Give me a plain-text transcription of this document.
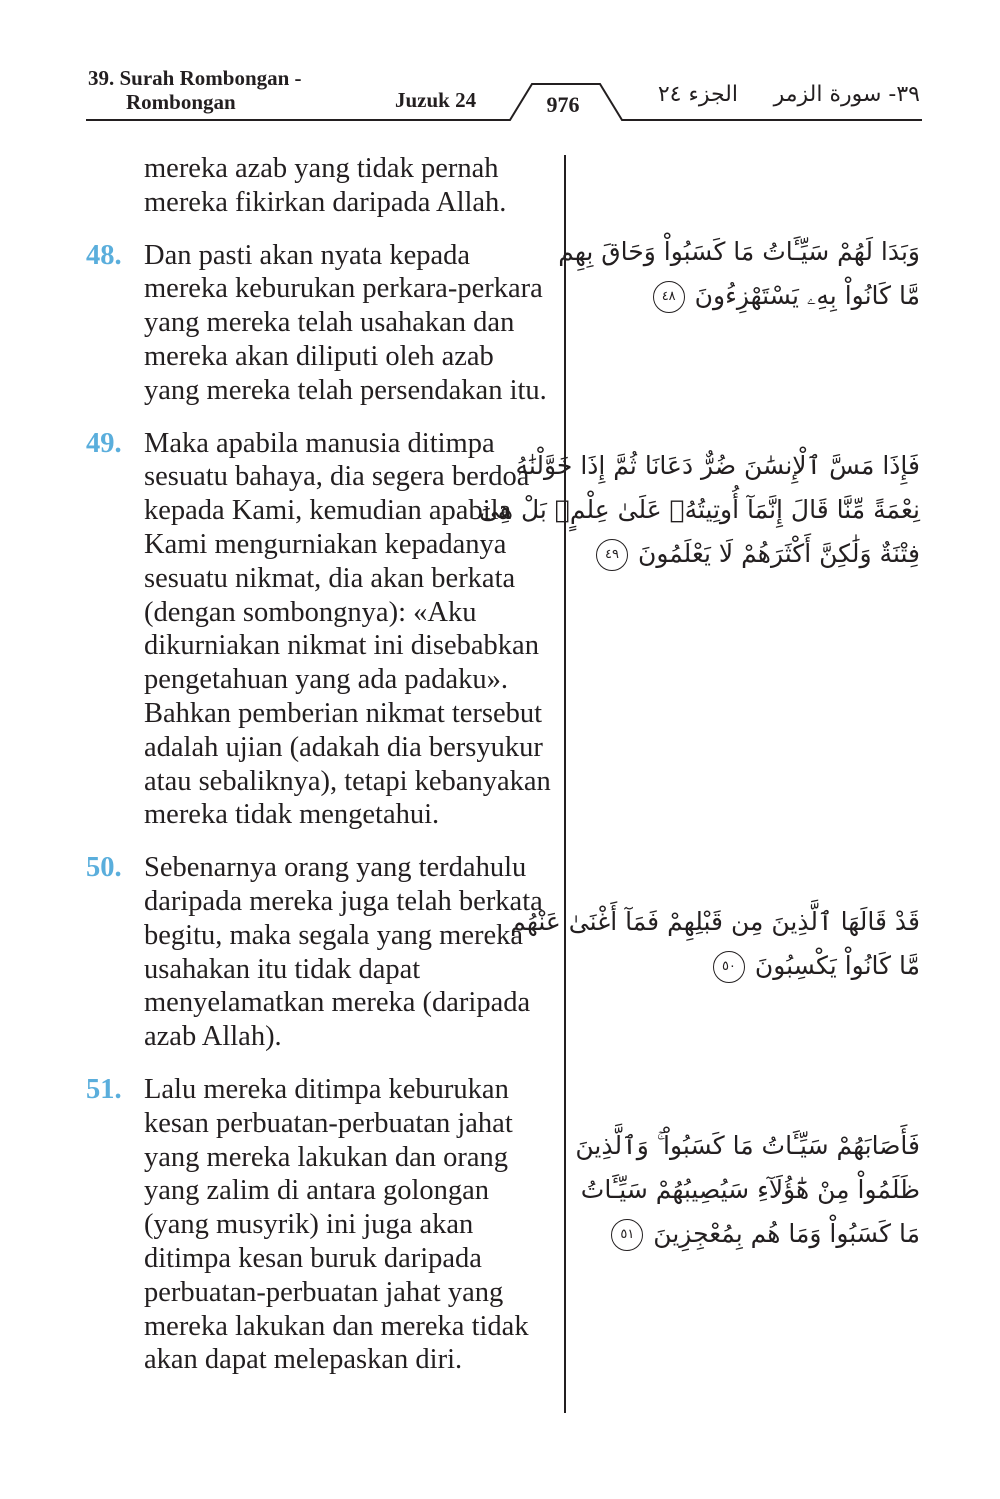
39. Surah Rombongan -
Rombongan	Juzuk 24	976	الجزء ٢٤	٣٩- سورة الزمر
mereka azab yang tidak pernah mereka fikirkan daripada Allah.
48. Dan pasti akan nyata kepada mereka keburukan perkara-perkara yang mereka telah usahakan dan mereka akan diliputi oleh azab yang mereka telah persendakan itu.
49. Maka apabila manusia ditimpa sesuatu bahaya, dia segera berdoa kepada Kami, kemudian apabila Kami mengurniakan kepadanya sesuatu nikmat, dia akan berkata (dengan sombongnya): «Aku dikurniakan nikmat ini disebabkan pengetahuan yang ada padaku». Bahkan pemberian nikmat tersebut adalah ujian (adakah dia bersyukur atau sebaliknya), tetapi kebanyakan mereka tidak mengetahui.
50. Sebenarnya orang yang terdahulu daripada mereka juga telah berkata begitu, maka segala yang mereka usahakan itu tidak dapat menyelamatkan mereka (daripada azab Allah).
51. Lalu mereka ditimpa keburukan kesan perbuatan-perbuatan jahat yang mereka lakukan dan orang yang zalim di antara golongan (yang musyrik) ini juga akan ditimpa kesan buruk daripada perbuatan-perbuatan jahat yang mereka lakukan dan mereka tidak akan dapat melepaskan diri.
وَبَدَا لَهُمْ سَيِّـَٔاتُ مَا كَسَبُواْ وَحَاقَ بِهِم
مَّا كَانُواْ بِهِۦ يَسْتَهْزِءُونَ ٤٨
فَإِذَا مَسَّ ٱلْإِنسَٰنَ ضُرٌّ دَعَانَا ثُمَّ إِذَا خَوَّلْنَٰهُ
نِعْمَةً مِّنَّا قَالَ إِنَّمَآ أُوتِيتُهُۥ عَلَىٰ عِلْمٍۭ بَلْ هِىَ
فِتْنَةٌ وَلَٰكِنَّ أَكْثَرَهُمْ لَا يَعْلَمُونَ ٤٩
قَدْ قَالَهَا ٱلَّذِينَ مِن قَبْلِهِمْ فَمَآ أَغْنَىٰ عَنْهُم
مَّا كَانُواْ يَكْسِبُونَ ٥٠
فَأَصَابَهُمْ سَيِّـَٔاتُ مَا كَسَبُواْ ۚ وَٱلَّذِينَ
ظَلَمُواْ مِنْ هَٰٓؤُلَآءِ سَيُصِيبُهُمْ سَيِّـَٔاتُ
مَا كَسَبُواْ وَمَا هُم بِمُعْجِزِينَ ٥١
